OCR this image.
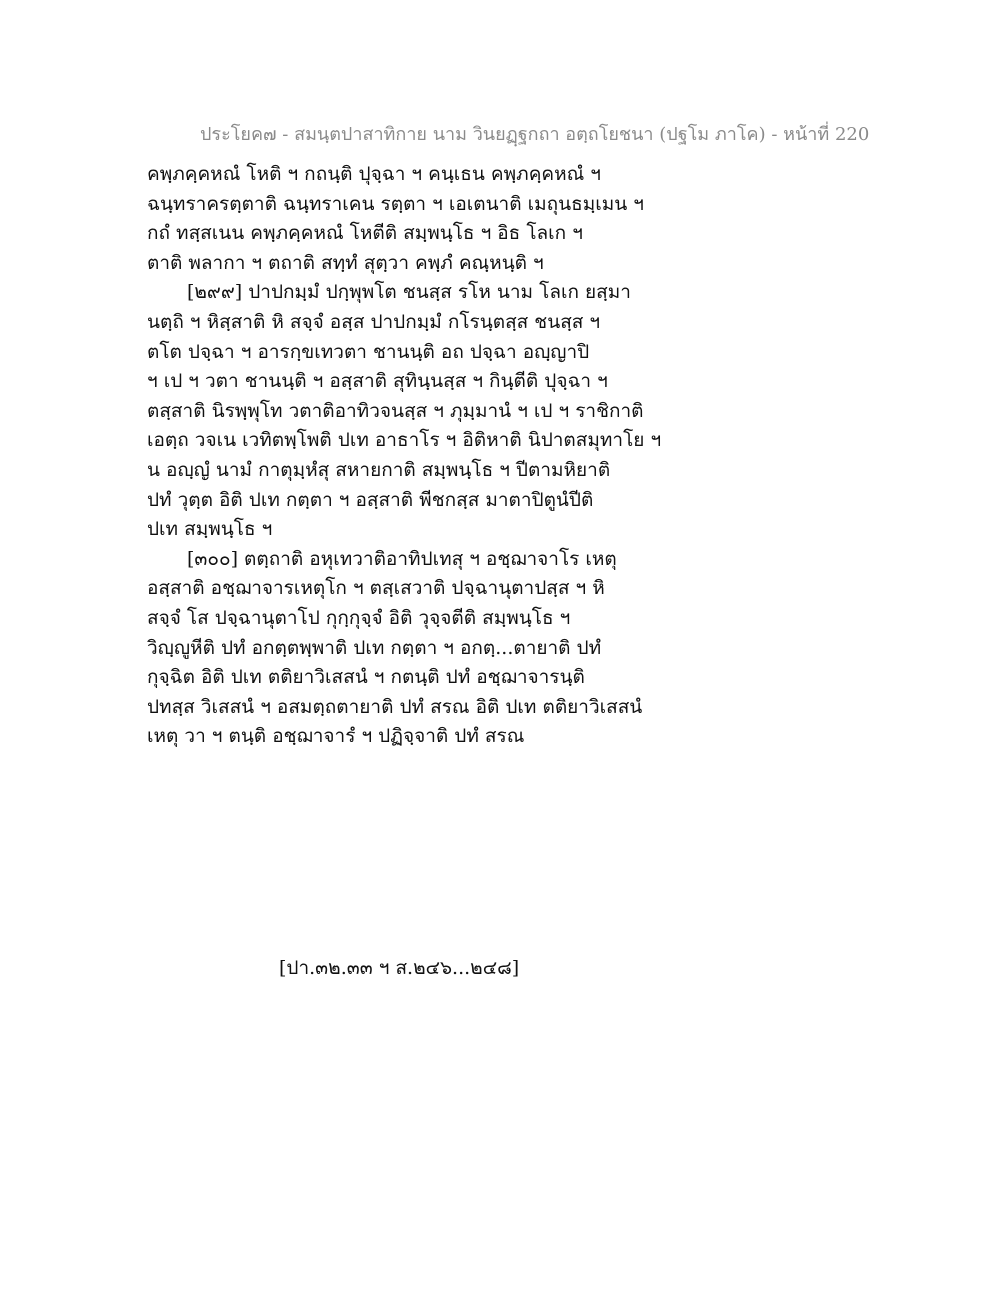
ประโยค๗ - สมนฺตปาสาทิกาย นาม วินยฏฺฐกถา อตฺถโยชนา (ปฐโม ภาโค) - หน้าที่ 220
คพฺภคฺคหณํ โหติ ฯ กถนฺติ ปุจฺฉา ฯ คนฺเธน คพฺภคฺคหณํ ฯ
ฉนฺทราครตฺตาติ ฉนฺทราเคน รตฺตา ฯ เอเตนาติ เมถุนธมฺเมน ฯ
กถํ ทสฺสเนน คพฺภคฺคหณํ โหตีติ สมฺพนฺโธ ฯ อิธ โลเก ฯ
ตาติ พลากา ฯ ตถาติ สทฺทํ สุตฺวา คพฺภํ คณฺหนฺติ ฯ
[๒๙๙] ปาปกมฺมํ ปกฺพุพโต ชนสฺส รโห นาม โลเก ยสฺมา
นตฺถิ ฯ หิสฺสาติ หิ สจฺจํ อสฺส ปาปกมฺมํ กโรนฺตสฺส ชนสฺส ฯ
ตโต ปจฺฉา ฯ อารกฺขเทวตา ชานนฺติ อถ ปจฺฉา อญฺญาปิ
ฯ เป ฯ วตา ชานนฺติ ฯ อสฺสาติ สุทินฺนสฺส ฯ กินฺตีติ ปุจฺฉา ฯ
ตสฺสาติ นิรพฺพุโท วตาติอาทิวจนสฺส ฯ ภุมฺมานํ ฯ เป ฯ ราชิกาติ
เอตฺถ วจเน เวทิตพฺโพติ ปเท อาธาโร ฯ อิติหาติ นิปาตสมุทาโย ฯ
น อญฺญํ นามํ กาตุมฺหํสุ สหายกาติ สมฺพนฺโธ ฯ ปีตามหิยาติ
ปทํ วุตฺต อิติ ปเท กตฺตา ฯ อสฺสาติ พีชกสฺส มาตาปิตูนํปีติ
ปเท สมฺพนฺโธ ฯ
[๓๐๐] ตตฺถาติ อหุเทวาติอาทิปเทสุ ฯ อชฺฌาจาโร เหตุ
อสฺสาติ อชฺฌาจารเหตุโก ฯ ตสฺเสวาติ ปจฺฉานุตาปสฺส ฯ หิ
สจฺจํ โส ปจฺฉานุตาโป กุกฺกุจฺจํ อิติ วุจฺจตีติ สมฺพนฺโธ ฯ
วิญฺญูหีติ ปทํ อกตฺตพฺพาติ ปเท กตฺตา ฯ อกตฺ...ตายาติ ปทํ
กุจฺฉิต อิติ ปเท ตติยาวิเสสนํ ฯ กตนฺติ ปทํ อชฺฌาจารนฺติ
ปทสฺส วิเสสนํ ฯ อสมตฺถตายาติ ปทํ สรณ อิติ ปเท ตติยาวิเสสนํ
เหตุ วา ฯ ตนฺติ อชฺฌาจารํ ฯ ปฏิจฺจาติ ปทํ สรณ
[ปา.๓๒.๓๓ ฯ ส.๒๔๖...๒๔๘]
